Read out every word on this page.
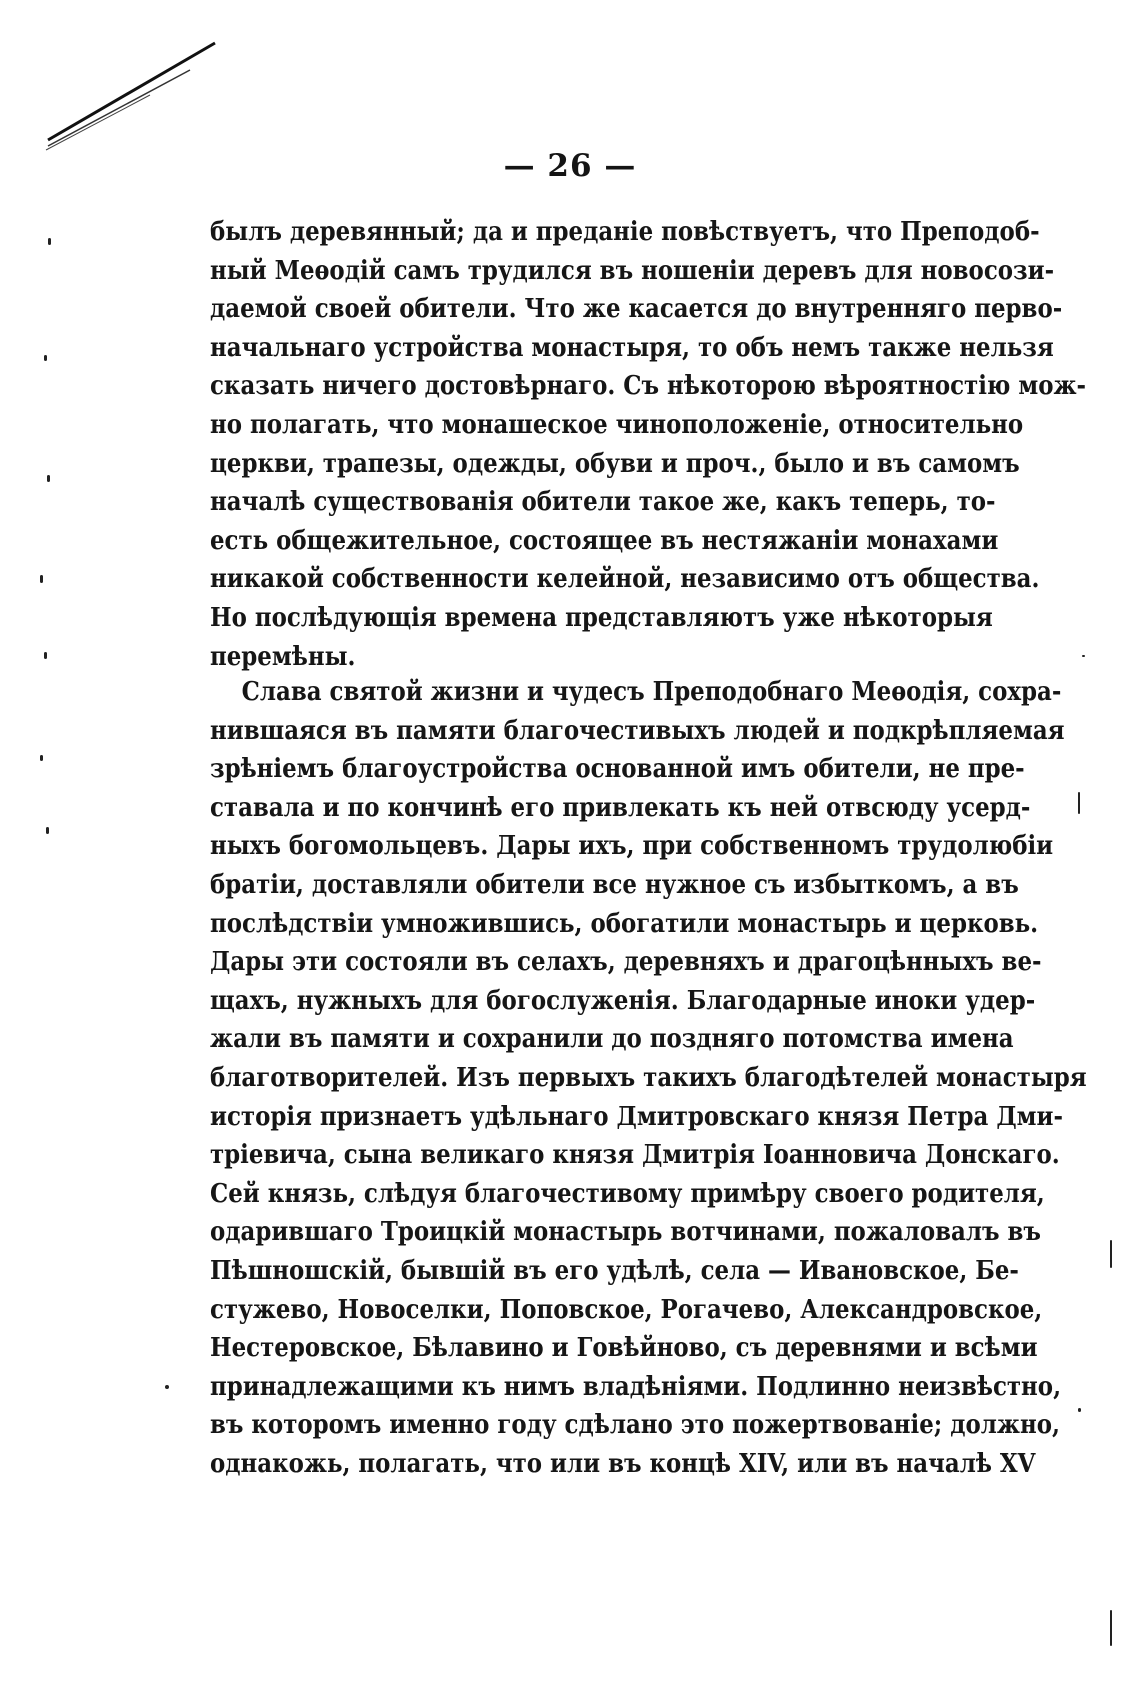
— 26 —
былъ деревянный; да и преданіе повѣствуетъ, что Преподоб-
ный Меѳодій самъ трудился въ ношеніи деревъ для новосози-
даемой своей обители. Что же касается до внутренняго перво-
начальнаго устройства монастыря, то объ немъ также нельзя
сказать ничего достовѣрнаго. Съ нѣкоторою вѣроятностію мож-
но полагать, что монашеское чиноположеніе, относительно
церкви, трапезы, одежды, обуви и проч., было и въ самомъ
началѣ существованія обители такое же, какъ теперь, то-
есть общежительное, состоящее въ нестяжаніи монахами
никакой собственности келейной, независимо отъ общества.
Но послѣдующія времена представляютъ уже нѣкоторыя
перемѣны.
Слава святой жизни и чудесъ Преподобнаго Меѳодія, сохра-
нившаяся въ памяти благочестивыхъ людей и подкрѣпляемая
зрѣніемъ благоустройства основанной имъ обители, не пре-
ставала и по кончинѣ его привлекать къ ней отвсюду усерд-
ныхъ богомольцевъ. Дары ихъ, при собственномъ трудолюбіи
братіи, доставляли обители все нужное съ избыткомъ, а въ
послѣдствіи умножившись, обогатили монастырь и церковь.
Дары эти состояли въ селахъ, деревняхъ и драгоцѣнныхъ ве-
щахъ, нужныхъ для богослуженія. Благодарные иноки удер-
жали въ памяти и сохранили до поздняго потомства имена
благотворителей. Изъ первыхъ такихъ благодѣтелей монастыря
исторія признаетъ удѣльнаго Дмитровскаго князя Петра Дми-
тріевича, сына великаго князя Дмитрія Іоанновича Донскаго.
Сей князь, слѣдуя благочестивому примѣру своего родителя,
одарившаго Троицкій монастырь вотчинами, пожаловалъ въ
Пѣшношскій, бывшій въ его удѣлѣ, села — Ивановское, Бе-
стужево, Новоселки, Поповское, Рогачево, Александровское,
Нестеровское, Бѣлавино и Говѣйново, съ деревнями и всѣми
принадлежащими къ нимъ владѣніями. Подлинно неизвѣстно,
въ которомъ именно году сдѣлано это пожертвованіе; должно,
однакожь, полагать, что или въ концѣ XIV, или въ началѣ XV
